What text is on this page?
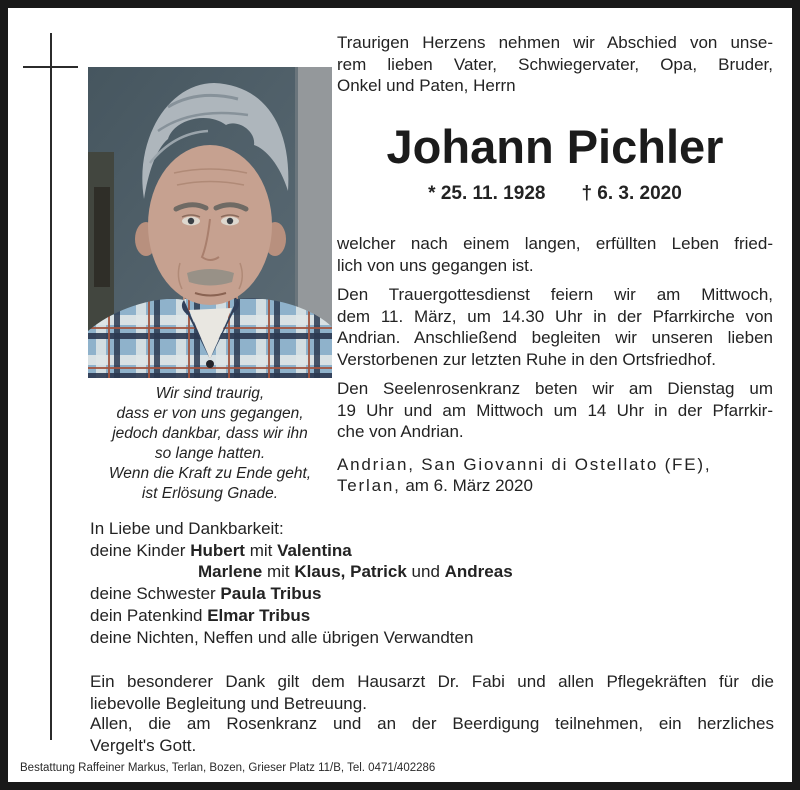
Wir sind traurig,
dass er von uns gegangen,
jedoch dankbar, dass wir ihn
so lange hatten.
Wenn die Kraft zu Ende geht,
ist Erlösung Gnade.
Traurigen Herzens nehmen wir Abschied von unse-
rem lieben Vater, Schwiegervater, Opa, Bruder,
Onkel und Paten, Herrn
Johann Pichler
* 25. 11. 1928 † 6. 3. 2020
welcher nach einem langen, erfüllten Leben fried-
lich von uns gegangen ist.
Den Trauergottesdienst feiern wir am Mittwoch,
dem 11. März, um 14.30 Uhr in der Pfarrkirche von
Andrian. Anschließend begleiten wir unseren lieben
Verstorbenen zur letzten Ruhe in den Ortsfriedhof.
Den Seelenrosenkranz beten wir am Dienstag um
19 Uhr und am Mittwoch um 14 Uhr in der Pfarrkir-
che von Andrian.
Andrian, San Giovanni di Ostellato (FE),
Terlan, am 6. März 2020
In Liebe und Dankbarkeit:
deine Kinder Hubert mit Valentina
Marlene mit Klaus, Patrick und Andreas
deine Schwester Paula Tribus
dein Patenkind Elmar Tribus
deine Nichten, Neffen und alle übrigen Verwandten
Ein besonderer Dank gilt dem Hausarzt Dr. Fabi und allen Pflegekräften für die
liebevolle Begleitung und Betreuung.
Allen, die am Rosenkranz und an der Beerdigung teilnehmen, ein herzliches
Vergelt's Gott.
Bestattung Raffeiner Markus, Terlan, Bozen, Grieser Platz 11/B, Tel. 0471/402286
